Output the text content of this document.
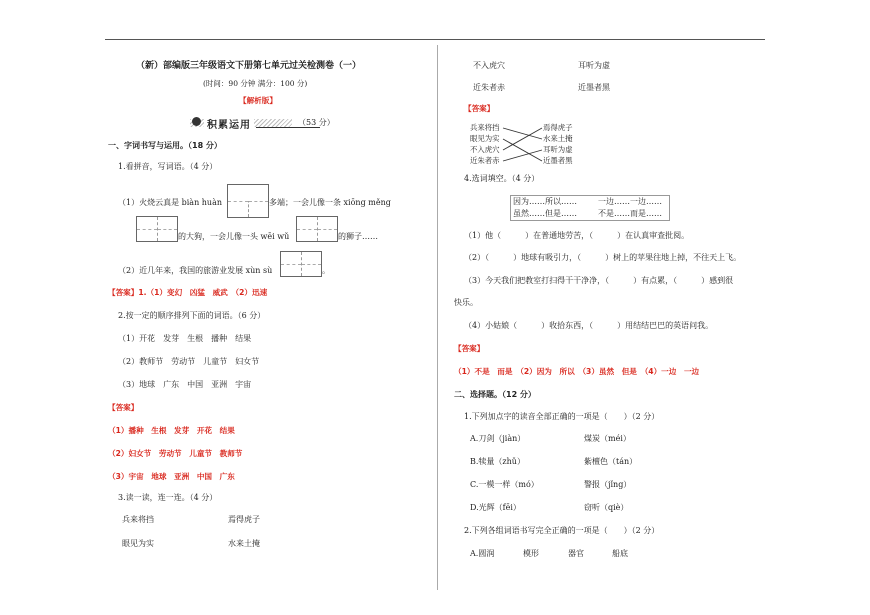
（新）部编版三年级语文下册第七单元过关检测卷（一）
(时间：90 分钟 满分：100 分)
【解析版】
积累运用	（53 分）
一、字词书写与运用。（18 分）
1.看拼音，写词语。（4 分）
（1）火烧云真是 biàn huàn	多端；一会儿像一条 xiōng měng
的大狗，一会儿像一头 wēi wǔ	的狮子……
（2）近几年来，我国的旅游业发展 xùn sù	。
【答案】1.（1）变幻　凶猛　威武　（2）迅速
2.按一定的顺序排列下面的词语。（6 分）
（1）开花　发芽　生根　播种　结果
（2）教师节　劳动节　儿童节　妇女节
（3）地球　广东　中国　亚洲　宇宙
【答案】
（1）播种　生根　发芽　开花　结果
（2）妇女节　劳动节　儿童节　教师节
（3）宇宙　地球　亚洲　中国　广东
3.读一读，连一连。（4 分）
兵来将挡	焉得虎子
眼见为实	水来土掩
不入虎穴	耳听为虚
近朱者赤	近墨者黑
【答案】
兵来将挡
眼见为实
不入虎穴
近朱者赤
焉得虎子
水来土掩
耳听为虚
近墨者黑
4.选词填空。（4 分）
因为……所以……	一边……一边……
虽然……但是……	不是……而是……
（1）他（　　　）在普通地劳苦，（　　　）在认真审查批阅。
（2）（　　　）地球有吸引力，（　　　）树上的苹果往地上掉，不往天上飞。
（3）今天我们把教室打扫得干干净净，（　　　）有点累，（　　　）感到很
快乐。
（4）小姑娘（　　　）收拾东西，（　　　）用结结巴巴的英语问我。
【答案】
（1）不是　而是　（2）因为　所以　（3）虽然　但是　（4）一边　一边
二、选择题。（12 分）
1.下列加点字的读音全部正确的一项是（　　）（2 分）
A.刀剑（jiàn）	煤炭（méi）
B.犊量（zhǔ）	紫檀色（tán）
C.一模一样（mó）	警报（jǐng）
D.光辉（fēi）	窃听（qiè）
2.下列各组词语书写完全正确的一项是（　　）（2 分）
A.圆润	模形	器官	船底
